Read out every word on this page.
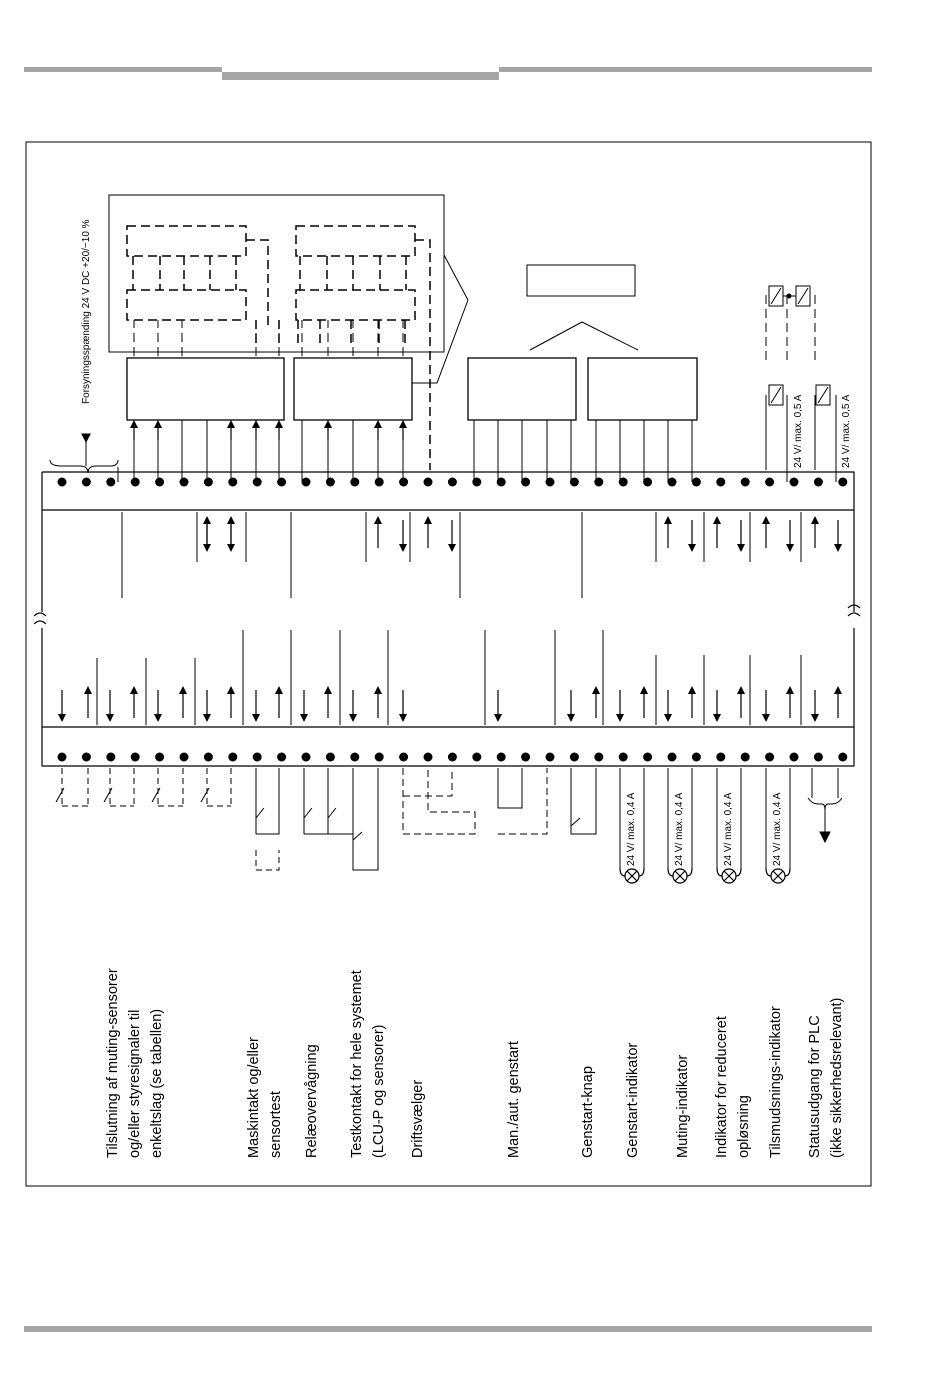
Forsyningsspænding 24 V DC +20/−10 %
24 V/ max. 0,5 A	24 V/ max. 0,5 A
24 V/ max. 0,4 A	24 V/ max. 0,4 A	24 V/ max. 0,4 A	24 V/ max. 0,4 A
Tilslutning af muting-sensorer og/eller styresignaler til enkeltslag (se tabellen)	Maskintakt og/eller sensortest Relæovervågning Testkontakt for hele systemet (LCU-P og sensorer) Driftsvælger	Man./aut. genstart	Genstart-knap Genstart-indikator Muting-indikator Indikator for reduceret opløsning Tilsmudsnings-indikator Statusudgang for PLC (ikke sikkerhedsrelevant)
